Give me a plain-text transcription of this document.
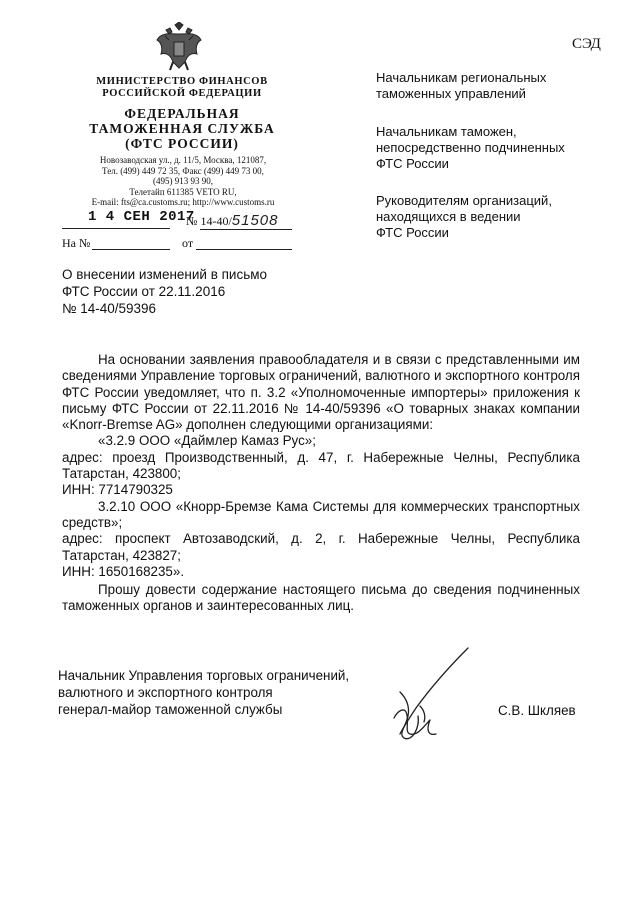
СЭД
МИНИСТЕРСТВО ФИНАНСОВ
РОССИЙСКОЙ ФЕДЕРАЦИИ
ФЕДЕРАЛЬНАЯ
ТАМОЖЕННАЯ СЛУЖБА
(ФТС РОССИИ)
Новозаводская ул., д. 11/5, Москва, 121087,
Тел. (499) 449 72 35, Факс (499) 449 73 00,
(495) 913 93 90,
Телетайп 611385 VETO RU,
E-mail: fts@ca.customs.ru; http://www.customs.ru
1 4 СЕН 2017
№ 14-40/51508
На №	от
Начальникам региональных
таможенных управлений
Начальникам таможен,
непосредственно подчиненных
ФТС России
Руководителям организаций,
находящихся в ведении
ФТС России
О внесении изменений в письмо
ФТС России от 22.11.2016
№ 14-40/59396

На основании заявления правообладателя и в связи с представленными им сведениями Управление торговых ограничений, валютного и экспортного контроля ФТС России уведомляет, что п. 3.2 «Уполномоченные импортеры» приложения к письму ФТС России от 22.11.2016 № 14-40/59396 «О товарных знаках компании «Knorr-Bremse AG» дополнен следующими организациями:

«3.2.9 ООО «Даймлер Камаз Рус»;

адрес: проезд Производственный, д. 47, г. Набережные Челны, Республика Татарстан, 423800;

ИНН: 7714790325

3.2.10 ООО «Кнорр-Бремзе Кама Системы для коммерческих транспортных средств»;

адрес: проспект Автозаводский, д. 2, г. Набережные Челны, Республика Татарстан, 423827;

ИНН: 1650168235».

Прошу довести содержание настоящего письма до сведения подчиненных таможенных органов и заинтересованных лиц.

Начальник Управления торговых ограничений,
валютного и экспортного контроля
генерал-майор таможенной службы	С.В. Шкляев
